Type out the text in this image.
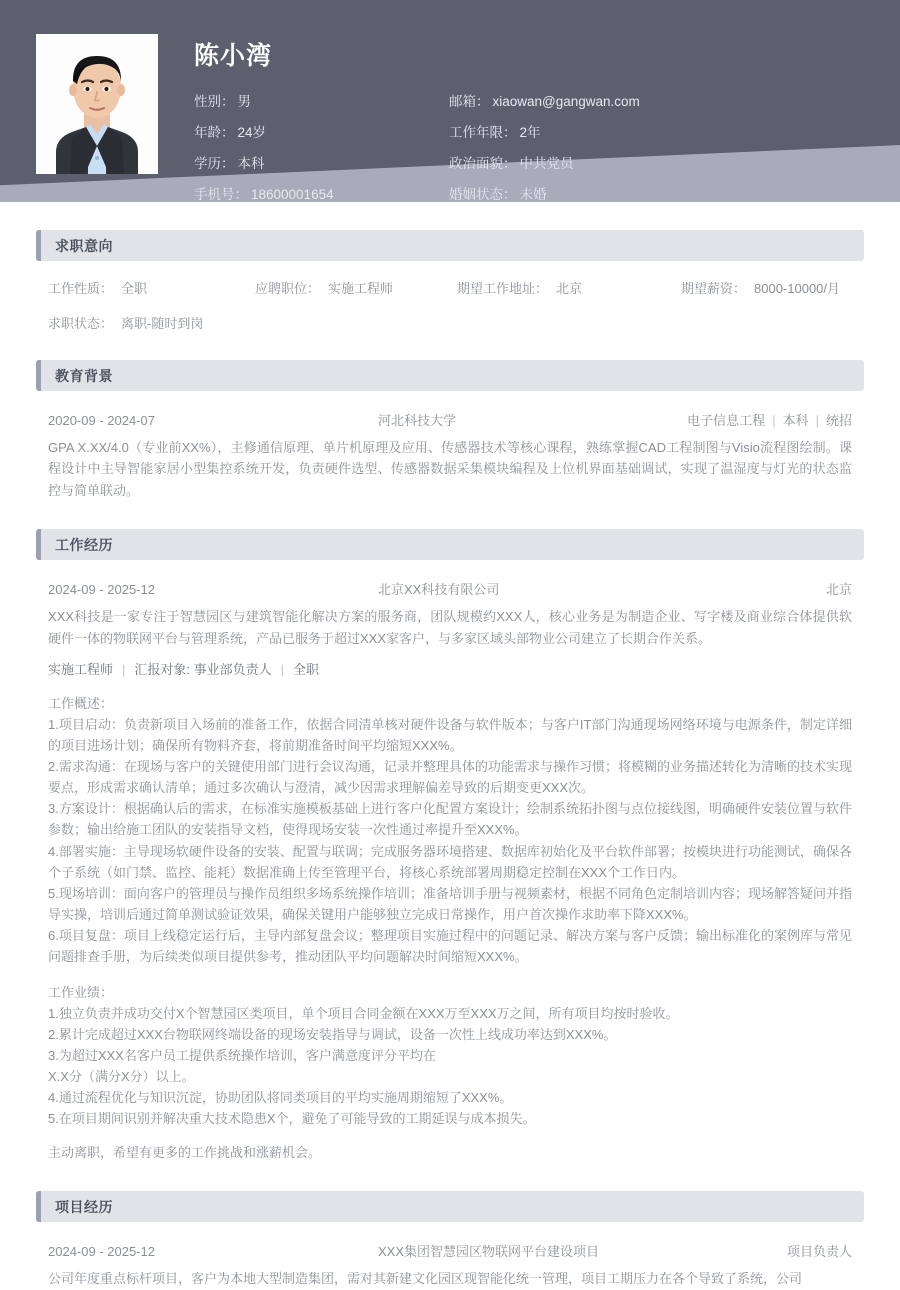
陈小湾
性别： 男	邮箱： xiaowan@gangwan.com
年龄： 24岁	工作年限： 2年
学历： 本科	政治面貌： 中共党员
手机号： 18600001654	婚姻状态： 未婚
求职意向
工作性质： 全职	应聘职位： 实施工程师	期望工作地址： 北京	期望薪资： 8000-10000/月
求职状态： 离职-随时到岗
教育背景
2020-09 - 2024-07	河北科技大学	电子信息工程 | 本科 | 统招
GPA X.XX/4.0（专业前XX%），主修通信原理、单片机原理及应用、传感器技术等核心课程，熟练掌握CAD工程制图与Visio流程图绘制。课程设计中主导智能家居小型集控系统开发，负责硬件选型、传感器数据采集模块编程及上位机界面基础调试，实现了温湿度与灯光的状态监控与简单联动。
工作经历
2024-09 - 2025-12	北京XX科技有限公司	北京
XXX科技是一家专注于智慧园区与建筑智能化解决方案的服务商，团队规模约XXX人，核心业务是为制造企业、写字楼及商业综合体提供软硬件一体的物联网平台与管理系统，产品已服务于超过XXX家客户，与多家区域头部物业公司建立了长期合作关系。
实施工程师 | 汇报对象: 事业部负责人 | 全职
工作概述：
1.项目启动：负责新项目入场前的准备工作，依据合同清单核对硬件设备与软件版本；与客户IT部门沟通现场网络环境与电源条件，制定详细的项目进场计划；确保所有物料齐套，将前期准备时间平均缩短XXX%。
2.需求沟通：在现场与客户的关键使用部门进行会议沟通，记录并整理具体的功能需求与操作习惯；将模糊的业务描述转化为清晰的技术实现要点，形成需求确认清单；通过多次确认与澄清，减少因需求理解偏差导致的后期变更XXX次。
3.方案设计：根据确认后的需求，在标准实施模板基础上进行客户化配置方案设计；绘制系统拓扑图与点位接线图，明确硬件安装位置与软件参数；输出给施工团队的安装指导文档，使得现场安装一次性通过率提升至XXX%。
4.部署实施：主导现场软硬件设备的安装、配置与联调；完成服务器环境搭建、数据库初始化及平台软件部署；按模块进行功能测试，确保各个子系统（如门禁、监控、能耗）数据准确上传至管理平台，将核心系统部署周期稳定控制在XXX个工作日内。
5.现场培训：面向客户的管理员与操作员组织多场系统操作培训；准备培训手册与视频素材，根据不同角色定制培训内容；现场解答疑问并指导实操，培训后通过简单测试验证效果，确保关键用户能够独立完成日常操作，用户首次操作求助率下降XXX%。
6.项目复盘：项目上线稳定运行后，主导内部复盘会议；整理项目实施过程中的问题记录、解决方案与客户反馈；输出标准化的案例库与常见问题排查手册，为后续类似项目提供参考，推动团队平均问题解决时间缩短XXX%。
工作业绩：
1.独立负责并成功交付X个智慧园区类项目，单个项目合同金额在XXX万至XXX万之间，所有项目均按时验收。
2.累计完成超过XXX台物联网终端设备的现场安装指导与调试，设备一次性上线成功率达到XXX%。
3.为超过XXX名客户员工提供系统操作培训，客户满意度评分平均在
X.X分（满分X分）以上。
4.通过流程优化与知识沉淀，协助团队将同类项目的平均实施周期缩短了XXX%。
5.在项目期间识别并解决重大技术隐患X个，避免了可能导致的工期延误与成本损失。
主动离职，希望有更多的工作挑战和涨薪机会。
项目经历
2024-09 - 2025-12	XXX集团智慧园区物联网平台建设项目	项目负责人
公司年度重点标杆项目，客户为本地大型制造集团，需对其新建文化园区现智能化统一管理，项目工期压力在各个导致了系统，公司
